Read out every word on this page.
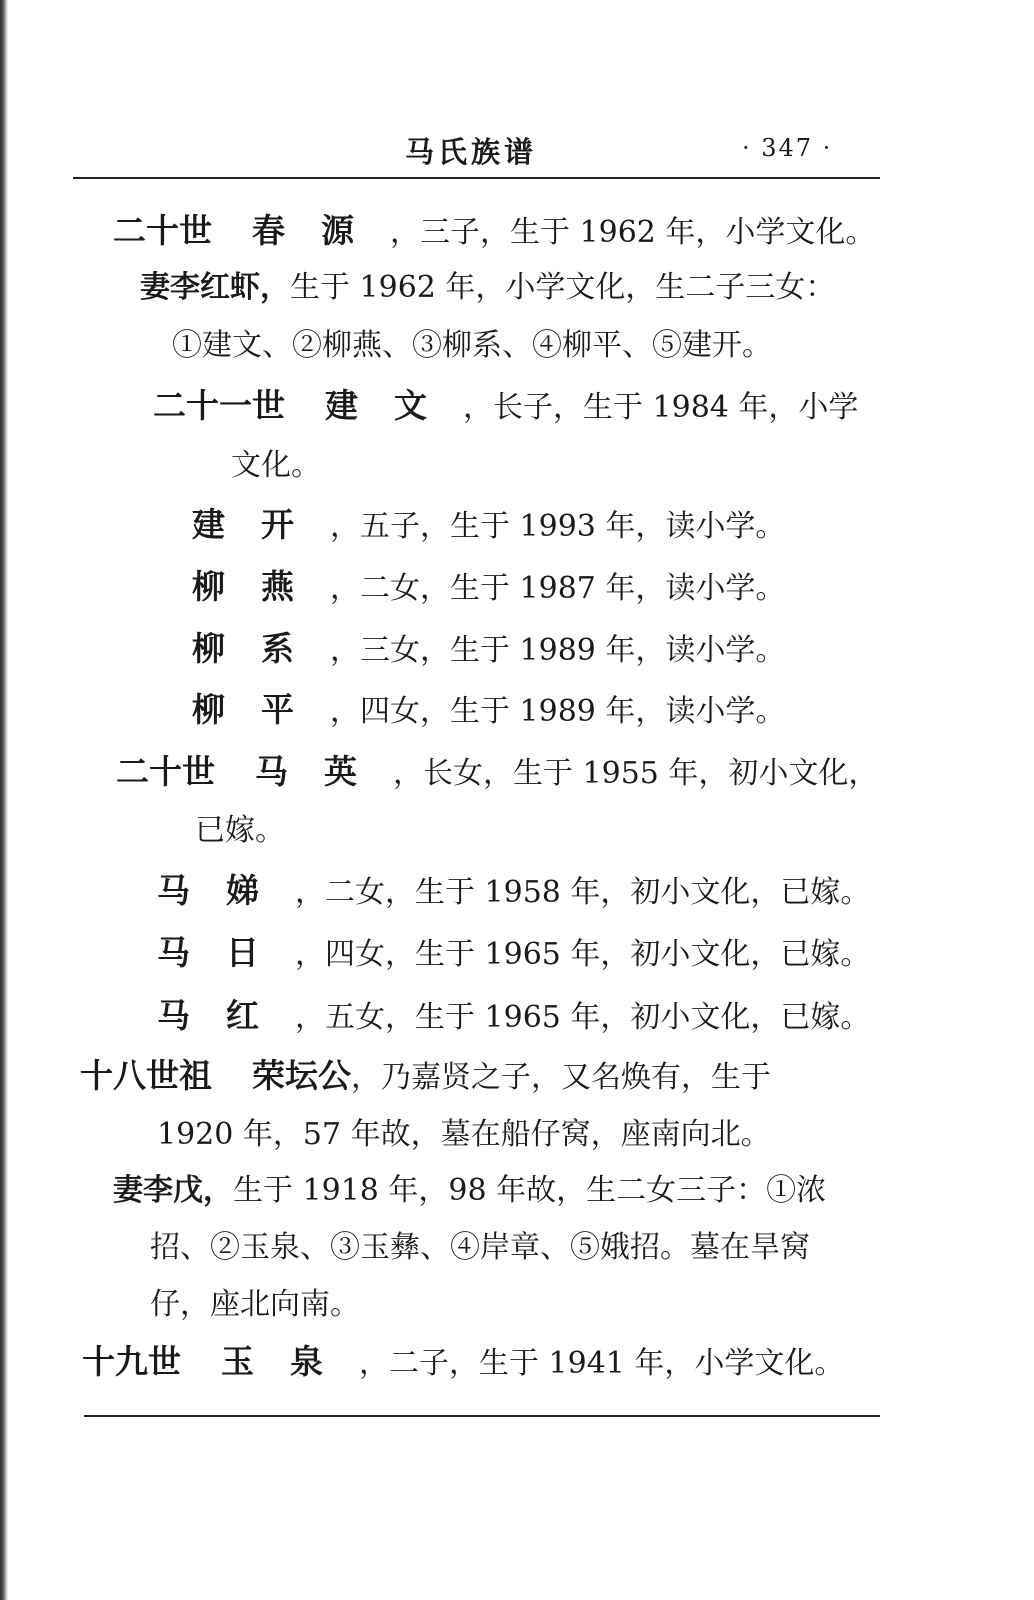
马氏族谱	· 347 ·
二十世 春源，三子，生于 1962 年，小学文化。
妻李红虾，生于 1962 年，小学文化，生二子三女：
①建文、②柳燕、③柳系、④柳平、⑤建开。
二十一世 建文，长子，生于 1984 年，小学
文化。
建开，五子，生于 1993 年，读小学。
柳燕，二女，生于 1987 年，读小学。
柳系，三女，生于 1989 年，读小学。
柳平，四女，生于 1989 年，读小学。
二十世 马英，长女，生于 1955 年，初小文化，
已嫁。
马娣，二女，生于 1958 年，初小文化，已嫁。
马日，四女，生于 1965 年，初小文化，已嫁。
马红，五女，生于 1965 年，初小文化，已嫁。
十八世祖 荣坛公，乃嘉贤之子，又名焕有，生于
1920 年，57 年故，墓在船仔窝，座南向北。
妻李戊，生于 1918 年，98 年故，生二女三子：①浓
招、②玉泉、③玉彝、④岸章、⑤娥招。墓在旱窝
仔，座北向南。
十九世 玉泉，二子，生于 1941 年，小学文化。
